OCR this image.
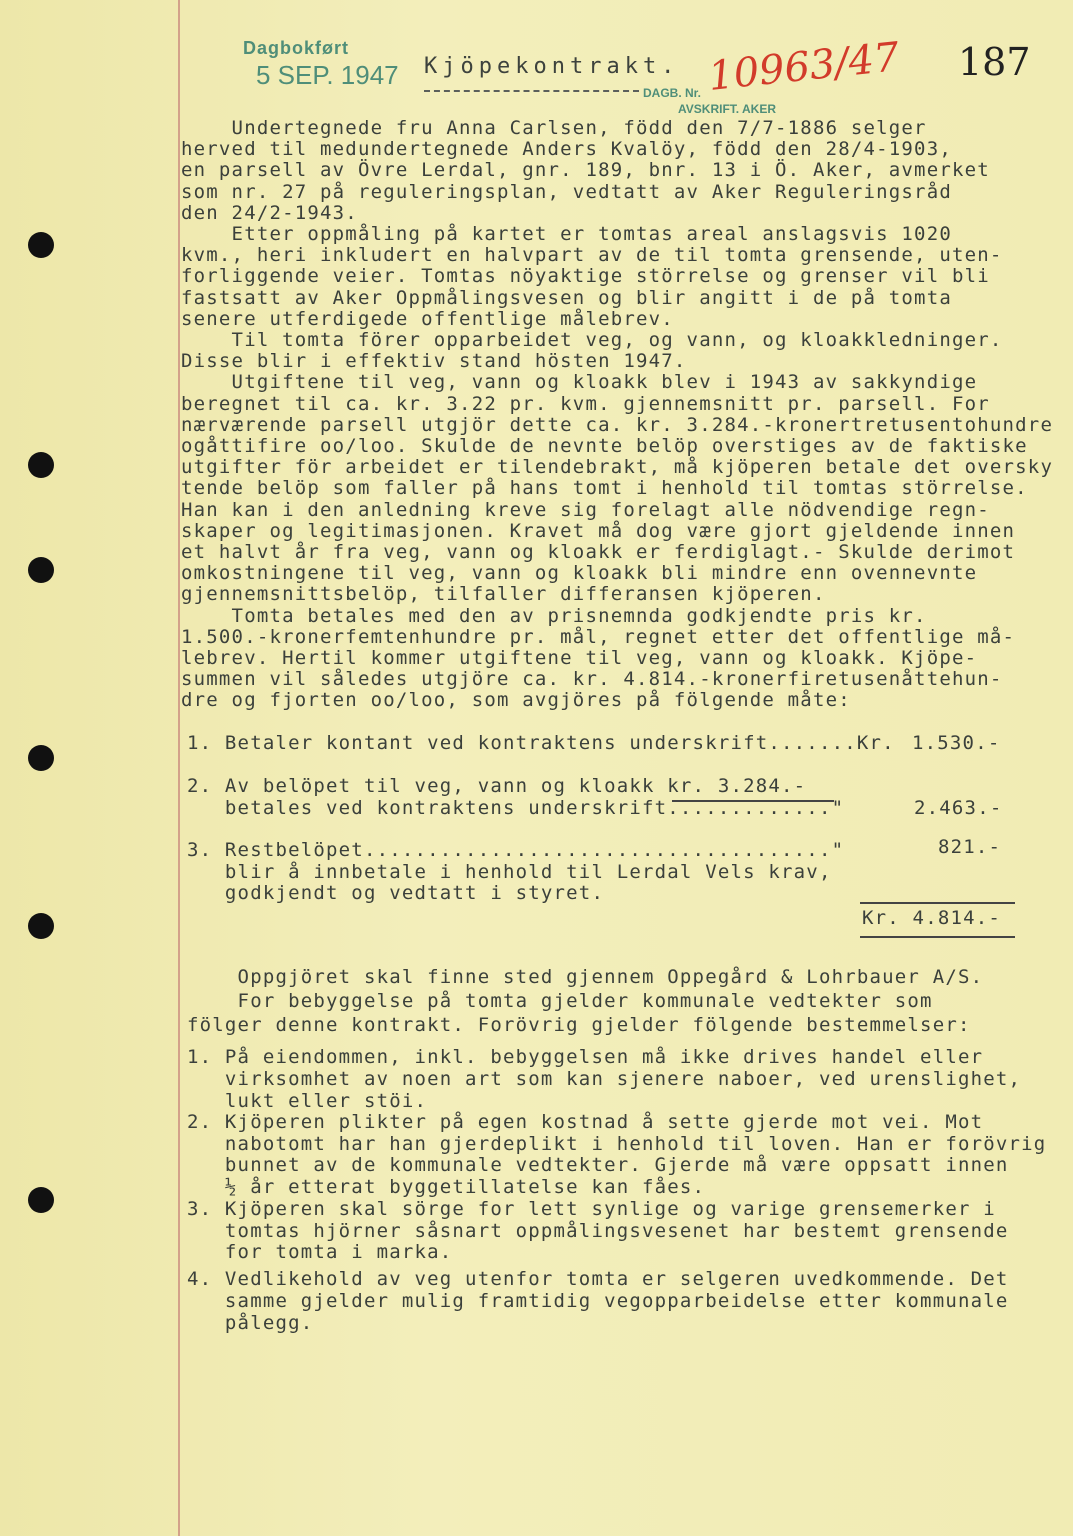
Dagbokført
5 SEP. 1947 Kjöpekontrakt.
DAGB. Nr.
AVSKRIFT. AKER
10963/47 187
Undertegnede fru Anna Carlsen, född den 7/7-1886 selger
herved til medundertegnede Anders Kvalöy, född den 28/4-1903,
en parsell av Övre Lerdal, gnr. 189, bnr. 13 i Ö. Aker, avmerket
som nr. 27 på reguleringsplan, vedtatt av Aker Reguleringsråd
den 24/2-1943.
Etter oppmåling på kartet er tomtas areal anslagsvis 1020
kvm., heri inkludert en halvpart av de til tomta grensende, uten-
forliggende veier. Tomtas nöyaktige störrelse og grenser vil bli
fastsatt av Aker Oppmålingsvesen og blir angitt i de på tomta
senere utferdigede offentlige målebrev.
Til tomta förer opparbeidet veg, og vann, og kloakkledninger.
Disse blir i effektiv stand hösten 1947.
Utgiftene til veg, vann og kloakk blev i 1943 av sakkyndige
beregnet til ca. kr. 3.22 pr. kvm. gjennemsnitt pr. parsell. For
nærværende parsell utgjör dette ca. kr. 3.284.-kronertretusentohundre
ogåttifire oo/loo. Skulde de nevnte belöp overstiges av de faktiske
utgifter för arbeidet er tilendebrakt, må kjöperen betale det oversky
tende belöp som faller på hans tomt i henhold til tomtas störrelse.
Han kan i den anledning kreve sig forelagt alle nödvendige regn-
skaper og legitimasjonen. Kravet må dog være gjort gjeldende innen
et halvt år fra veg, vann og kloakk er ferdiglagt.- Skulde derimot
omkostningene til veg, vann og kloakk bli mindre enn ovennevnte
gjennemsnittsbelöp, tilfaller differansen kjöperen.
Tomta betales med den av prisnemnda godkjendte pris kr.
1.500.-kronerfemtenhundre pr. mål, regnet etter det offentlige må-
lebrev. Hertil kommer utgiftene til veg, vann og kloakk. Kjöpe-
summen vil således utgjöre ca. kr. 4.814.-kronerfiretusenåttehun-
dre og fjorten oo/loo, som avgjöres på fölgende måte:
1. Betaler kontant ved kontraktens underskrift.......Kr. 1.530.-
2. Av belöpet til veg, vann og kloakk kr. 3.284.-
betales ved kontraktens underskrift............."	2.463.-
3. Restbelöpet....................................."	821.-
blir å innbetale i henhold til Lerdal Vels krav,
godkjendt og vedtatt i styret.
Kr. 4.814.-
Oppgjöret skal finne sted gjennem Oppegård & Lohrbauer A/S.
For bebyggelse på tomta gjelder kommunale vedtekter som
fölger denne kontrakt. Forövrig gjelder fölgende bestemmelser:
1. På eiendommen, inkl. bebyggelsen må ikke drives handel eller
virksomhet av noen art som kan sjenere naboer, ved urenslighet,
lukt eller stöi.
2. Kjöperen plikter på egen kostnad å sette gjerde mot vei. Mot
nabotomt har han gjerdeplikt i henhold til loven. Han er forövrig
bunnet av de kommunale vedtekter. Gjerde må være oppsatt innen
½ år etterat byggetillatelse kan fåes.
3. Kjöperen skal sörge for lett synlige og varige grensemerker i
tomtas hjörner såsnart oppmålingsvesenet har bestemt grensende
for tomta i marka.
4. Vedlikehold av veg utenfor tomta er selgeren uvedkommende. Det
samme gjelder mulig framtidig vegopparbeidelse etter kommunale
pålegg.
